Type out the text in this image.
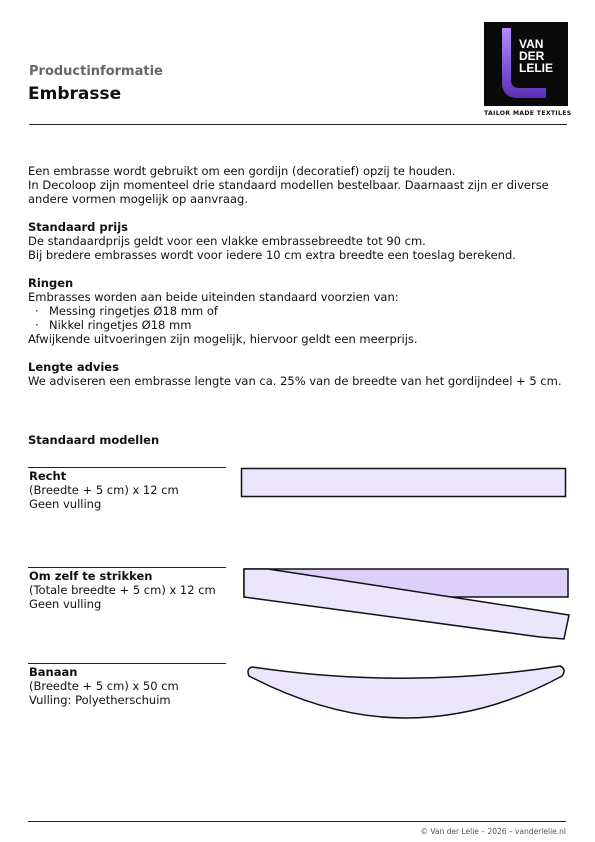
Productinformatie
Embrasse
VAN
DER
LELIE
TAILOR MADE TEXTILES

Een embrasse wordt gebruikt om een gordijn (decoratief) opzij te houden.

In Decoloop zijn momenteel drie standaard modellen bestelbaar. Daarnaast zijn er diverse

andere vormen mogelijk op aanvraag.

Standaard prijs

De standaardprijs geldt voor een vlakke embrassebreedte tot 90 cm.

Bij bredere embrasses wordt voor iedere 10 cm extra breedte een toeslag berekend.

Ringen

Embrasses worden aan beide uiteinden standaard voorzien van:

· Messing ringetjes Ø18 mm of
· Nikkel ringetjes Ø18 mm

Afwijkende uitvoeringen zijn mogelijk, hiervoor geldt een meerprijs.

Lengte advies

We adviseren een embrasse lengte van ca. 25% van de breedte van het gordijndeel + 5 cm.

Standaard modellen
Recht
(Breedte + 5 cm) x 12 cm
Geen vulling
Om zelf te strikken
(Totale breedte + 5 cm) x 12 cm
Geen vulling
Banaan
(Breedte + 5 cm) x 50 cm
Vulling: Polyetherschuim
© Van der Lelie – 2026 – vanderlelie.nl
